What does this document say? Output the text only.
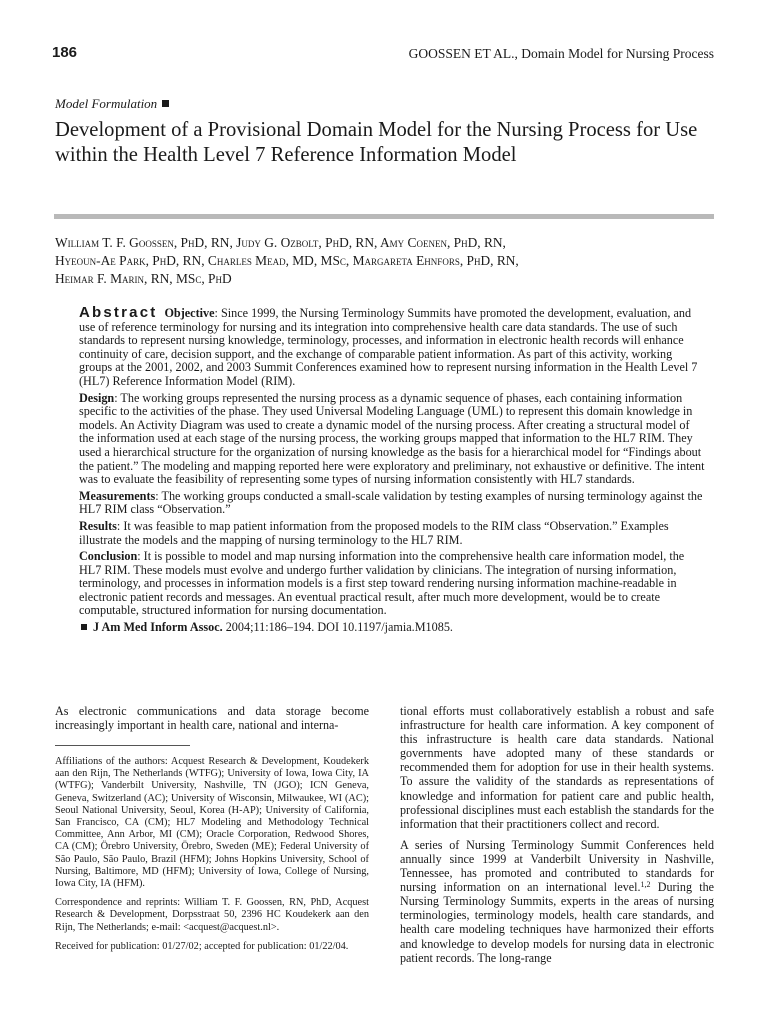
186	GOOSSEN ET AL., Domain Model for Nursing Process
Model Formulation
Development of a Provisional Domain Model for the Nursing Process for Use within the Health Level 7 Reference Information Model
William T. F. Goossen, PhD, RN, Judy G. Ozbolt, PhD, RN, Amy Coenen, PhD, RN,
Hyeoun-Ae Park, PhD, RN, Charles Mead, MD, MSc, Margareta Ehnfors, PhD, RN,
Heimar F. Marin, RN, MSc, PhD

Abstract Objective: Since 1999, the Nursing Terminology Summits have promoted the development, evaluation, and use of reference terminology for nursing and its integration into comprehensive health care data standards. The use of such standards to represent nursing knowledge, terminology, processes, and information in electronic health records will enhance continuity of care, decision support, and the exchange of comparable patient information. As part of this activity, working groups at the 2001, 2002, and 2003 Summit Conferences examined how to represent nursing information in the Health Level 7 (HL7) Reference Information Model (RIM).

Design: The working groups represented the nursing process as a dynamic sequence of phases, each containing information specific to the activities of the phase. They used Universal Modeling Language (UML) to represent this domain knowledge in models. An Activity Diagram was used to create a dynamic model of the nursing process. After creating a structural model of the information used at each stage of the nursing process, the working groups mapped that information to the HL7 RIM. They used a hierarchical structure for the organization of nursing knowledge as the basis for a hierarchical model for “Findings about the patient.” The modeling and mapping reported here were exploratory and preliminary, not exhaustive or definitive. The intent was to evaluate the feasibility of representing some types of nursing information consistently with HL7 standards.

Measurements: The working groups conducted a small-scale validation by testing examples of nursing terminology against the HL7 RIM class “Observation.”

Results: It was feasible to map patient information from the proposed models to the RIM class “Observation.” Examples illustrate the models and the mapping of nursing terminology to the HL7 RIM.

Conclusion: It is possible to model and map nursing information into the comprehensive health care information model, the HL7 RIM. These models must evolve and undergo further validation by clinicians. The integration of nursing information, terminology, and processes in information models is a first step toward rendering nursing information machine-readable in electronic patient records and messages. An eventual practical result, after much more development, would be to create computable, structured information for nursing documentation.

J Am Med Inform Assoc. 2004;11:186–194. DOI 10.1197/jamia.M1085.

As electronic communications and data storage become increasingly important in health care, national and interna-

Affiliations of the authors: Acquest Research & Development, Koudekerk aan den Rijn, The Netherlands (WTFG); University of Iowa, Iowa City, IA (WTFG); Vanderbilt University, Nashville, TN (JGO); ICN Geneva, Geneva, Switzerland (AC); University of Wisconsin, Milwaukee, WI (AC); Seoul National University, Seoul, Korea (H-AP); University of California, San Francisco, CA (CM); HL7 Modeling and Methodology Technical Committee, Ann Arbor, MI (CM); Oracle Corporation, Redwood Shores, CA (CM); Örebro University, Örebro, Sweden (ME); Federal University of São Paulo, São Paulo, Brazil (HFM); Johns Hopkins University, School of Nursing, Baltimore, MD (HFM); University of Iowa, College of Nursing, Iowa City, IA (HFM).

Correspondence and reprints: William T. F. Goossen, RN, PhD, Acquest Research & Development, Dorpsstraat 50, 2396 HC Koudekerk aan den Rijn, The Netherlands; e-mail: <acquest@acquest.nl>.

Received for publication: 01/27/02; accepted for publication: 01/22/04.

tional efforts must collaboratively establish a robust and safe infrastructure for health care information. A key component of this infrastructure is health care data standards. National governments have adopted many of these standards or recommended them for adoption for use in their health systems. To assure the validity of the standards as representations of knowledge and information for patient care and public health, professional disciplines must each establish the standards for the information that their practitioners collect and record.

A series of Nursing Terminology Summit Conferences held annually since 1999 at Vanderbilt University in Nashville, Tennessee, has promoted and contributed to standards for nursing information on an international level.$^{1,2}$ During the Nursing Terminology Summits, experts in the areas of nursing terminologies, terminology models, health care standards, and health care modeling techniques have harmonized their efforts and knowledge to develop models for nursing data in electronic patient records. The long-range
